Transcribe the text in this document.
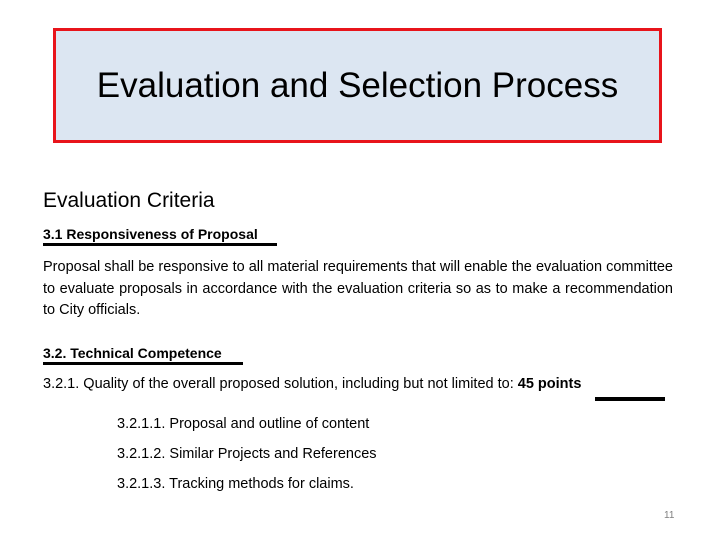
Evaluation and Selection Process
Evaluation Criteria
3.1 Responsiveness of Proposal
Proposal shall be responsive to all material requirements that will enable the evaluation committee to evaluate proposals in accordance with the evaluation criteria so as to make a recommendation to City officials.
3.2. Technical Competence
3.2.1. Quality of the overall proposed solution, including but not limited to: 45 points
3.2.1.1. Proposal and outline of content
3.2.1.2. Similar Projects and References
3.2.1.3. Tracking methods for claims.
11
